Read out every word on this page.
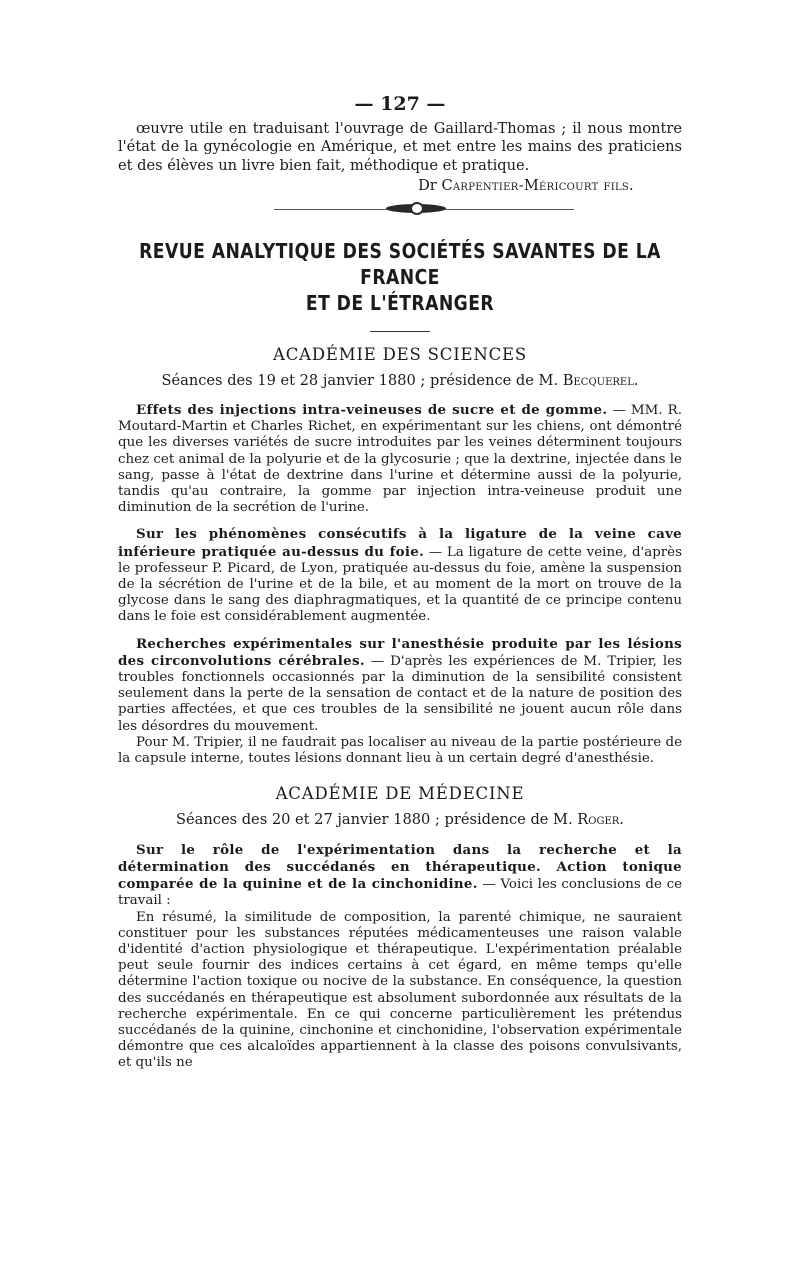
— 127 —

œuvre utile en traduisant l'ouvrage de Gaillard-Thomas ; il nous montre l'état de la gynécologie en Amérique, et met entre les mains des praticiens et des élèves un livre bien fait, méthodique et pratique.

Dr Carpentier-Méricourt fils.
REVUE ANALYTIQUE DES SOCIÉTÉS SAVANTES DE LA FRANCE
ET DE L'ÉTRANGER
ACADÉMIE DES SCIENCES
Séances des 19 et 28 janvier 1880 ; présidence de M. Becquerel.
Effets des injections intra-veineuses de sucre et de gomme. — MM. R. Moutard-Martin et Charles Richet, en expérimentant sur les chiens, ont démontré que les diverses variétés de sucre introduites par les veines déterminent toujours chez cet animal de la polyurie et de la glycosurie ; que la dextrine, injectée dans le sang, passe à l'état de dextrine dans l'urine et détermine aussi de la polyurie, tandis qu'au contraire, la gomme par injection intra-veineuse produit une diminution de la secrétion de l'urine.
Sur les phénomènes consécutifs à la ligature de la veine cave inférieure pratiquée au-dessus du foie. — La ligature de cette veine, d'après le professeur P. Picard, de Lyon, pratiquée au-dessus du foie, amène la suspension de la sécrétion de l'urine et de la bile, et au moment de la mort on trouve de la glycose dans le sang des diaphragmatiques, et la quantité de ce principe contenu dans le foie est considérablement augmentée.
Recherches expérimentales sur l'anesthésie produite par les lésions des circonvolutions cérébrales. — D'après les expériences de M. Tripier, les troubles fonctionnels occasionnés par la diminution de la sensibilité consistent seulement dans la perte de la sensation de contact et de la nature de position des parties affectées, et que ces troubles de la sensibilité ne jouent aucun rôle dans les désordres du mouvement.
Pour M. Tripier, il ne faudrait pas localiser au niveau de la partie postérieure de la capsule interne, toutes lésions donnant lieu à un certain degré d'anesthésie.
ACADÉMIE DE MÉDECINE
Séances des 20 et 27 janvier 1880 ; présidence de M. Roger.
Sur le rôle de l'expérimentation dans la recherche et la détermination des succédanés en thérapeutique. Action tonique comparée de la quinine et de la cinchonidine. — Voici les conclusions de ce travail :
En résumé, la similitude de composition, la parenté chimique, ne sauraient constituer pour les substances réputées médicamenteuses une raison valable d'identité d'action physiologique et thérapeutique. L'expérimentation préalable peut seule fournir des indices certains à cet égard, en même temps qu'elle détermine l'action toxique ou nocive de la substance. En conséquence, la question des succédanés en thérapeutique est absolument subordonnée aux résultats de la recherche expérimentale. En ce qui concerne particulièrement les prétendus succédanés de la quinine, cinchonine et cinchonidine, l'observation expérimentale démontre que ces alcaloïdes appartiennent à la classe des poisons convulsivants, et qu'ils ne
